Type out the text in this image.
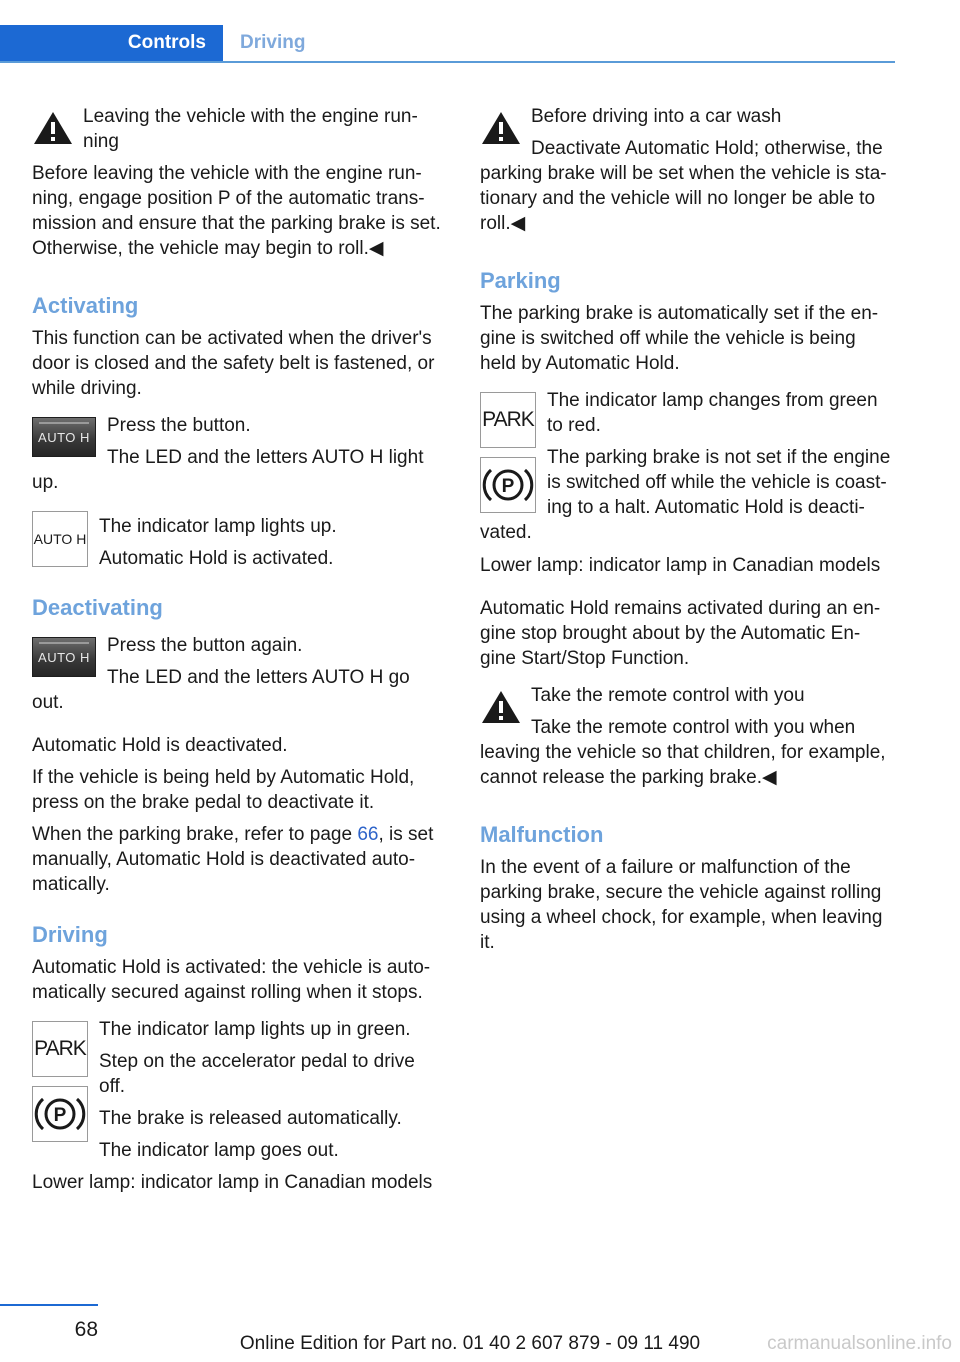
Controls	Driving
Leaving the vehicle with the engine run‐
ning
Before leaving the vehicle with the engine run‐
ning, engage position P of the automatic trans‐
mission and ensure that the parking brake is set.
Otherwise, the vehicle may begin to roll.◀
Activating
This function can be activated when the driver's
door is closed and the safety belt is fastened, or
while driving.
AUTO H
Press the button.
The LED and the letters AUTO H light
up.
AUTO H
The indicator lamp lights up.
Automatic Hold is activated.
Deactivating
AUTO H
Press the button again.
The LED and the letters AUTO H go
out.
Automatic Hold is deactivated.
If the vehicle is being held by Automatic Hold,
press on the brake pedal to deactivate it.
When the parking brake, refer to page 66, is set
manually, Automatic Hold is deactivated auto‐
matically.
Driving
Automatic Hold is activated: the vehicle is auto‐
matically secured against rolling when it stops.
PARK
P
The indicator lamp lights up in green.
Step on the accelerator pedal to drive
off.
The brake is released automatically.
The indicator lamp goes out.
Lower lamp: indicator lamp in Canadian models
Before driving into a car wash
Deactivate Automatic Hold; otherwise, the
parking brake will be set when the vehicle is sta‐
tionary and the vehicle will no longer be able to
roll.◀
Parking
The parking brake is automatically set if the en‐
gine is switched off while the vehicle is being
held by Automatic Hold.
PARK
P
The indicator lamp changes from green
to red.
The parking brake is not set if the engine
is switched off while the vehicle is coast‐
ing to a halt. Automatic Hold is deacti‐
vated.
Lower lamp: indicator lamp in Canadian models
Automatic Hold remains activated during an en‐
gine stop brought about by the Automatic En‐
gine Start/Stop Function.
Take the remote control with you
Take the remote control with you when
leaving the vehicle so that children, for example,
cannot release the parking brake.◀
Malfunction
In the event of a failure or malfunction of the
parking brake, secure the vehicle against rolling
using a wheel chock, for example, when leaving
it.
68
Online Edition for Part no. 01 40 2 607 879 - 09 11 490	carmanualsonline.info
